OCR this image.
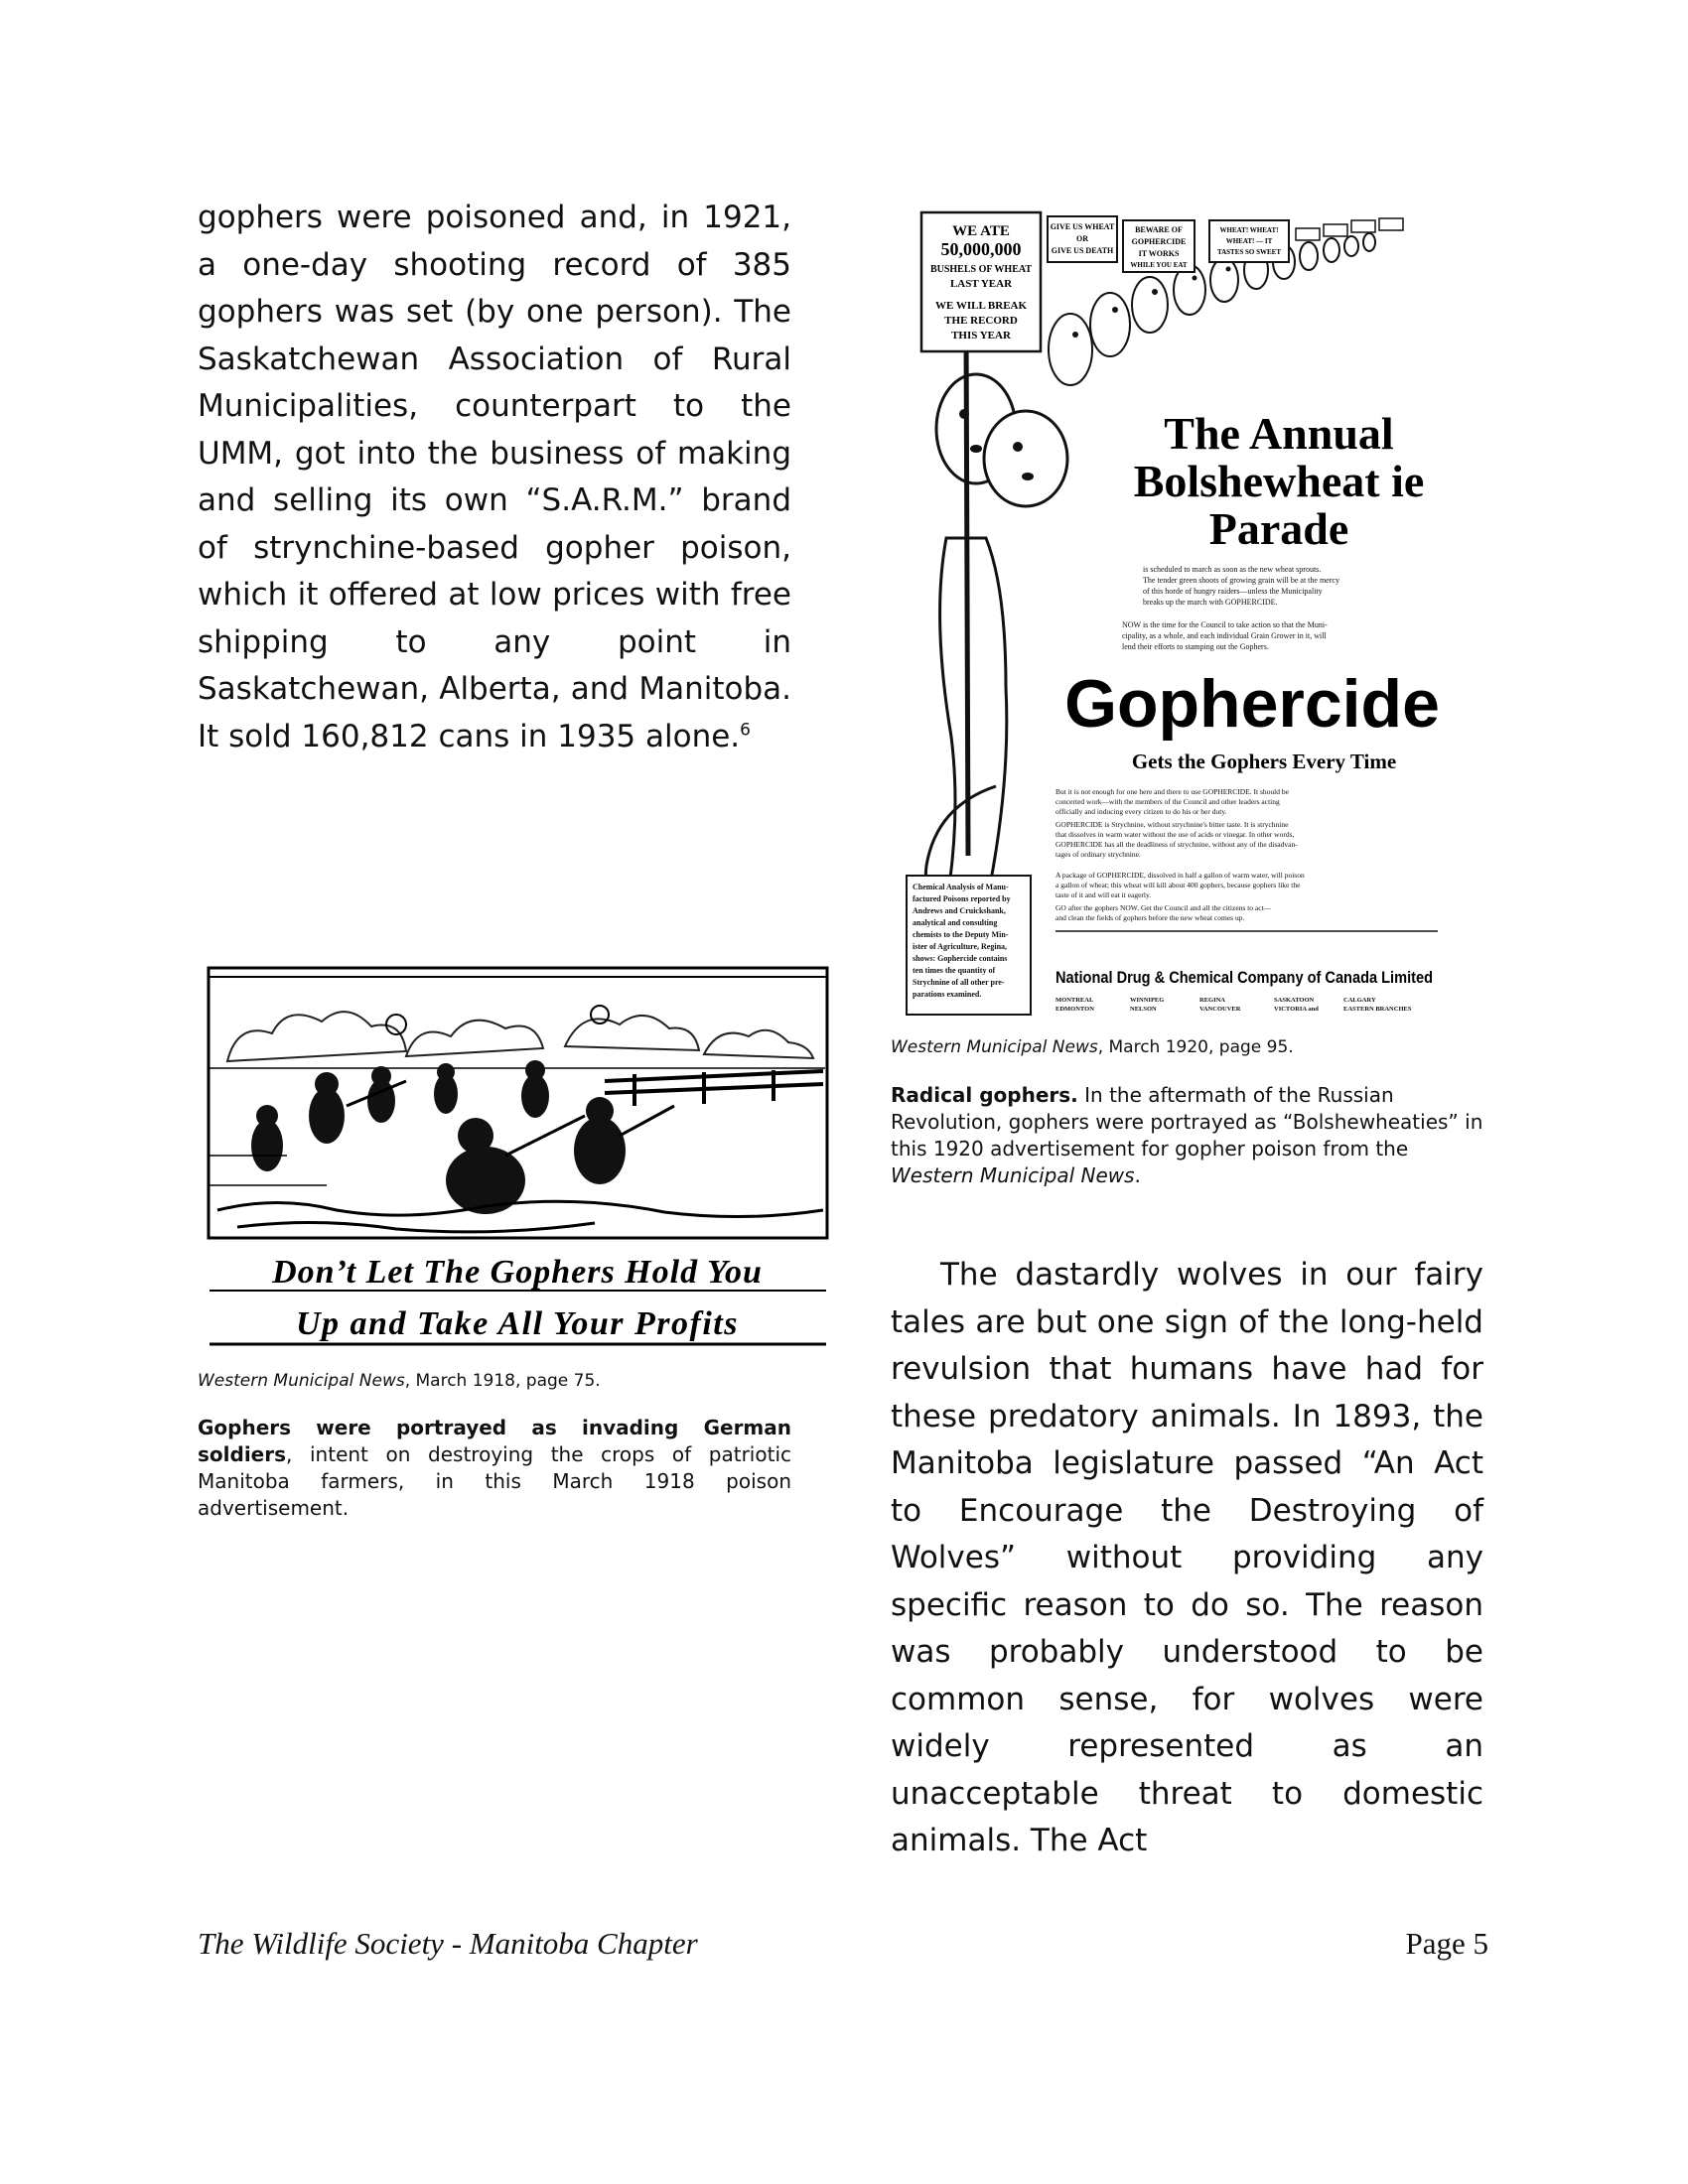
gophers were poisoned and, in 1921, a one-day shooting record of 385 gophers was set (by one person). The Saskatchewan Association of Rural Municipalities, counterpart to the UMM, got into the business of making and selling its own “S.A.R.M.” brand of strynchine-based gopher poison, which it offered at low prices with free shipping to any point in Saskatchewan, Alberta, and Manitoba. It sold 160,812 cans in 1935 alone.$^6$

Don’t Let The Gophers Hold You
Up and Take All Your Profits

Western Municipal News, March 1918, page 75.

Gophers were portrayed as invading German soldiers, intent on destroying the crops of patriotic Manitoba farmers, in this March 1918 poison advertisement.

WE ATE
50,000,000
BUSHELS OF WHEAT
LAST YEAR
WE WILL BREAK
THE RECORD
THIS YEAR
GIVE US WHEAT
OR
GIVE US DEATH
BEWARE OF
GOPHERCIDE
IT WORKS
WHILE YOU EAT
WHEAT! WHEAT!
WHEAT! — IT
TASTES SO SWEET
The Annual
Bolshewheat ie
Parade
is scheduled to march as soon as the new wheat sprouts.
The tender green shoots of growing grain will be at the mercy
of this horde of hungry raiders—unless the Municipality
breaks up the march with GOPHERCIDE.
NOW is the time for the Council to take action so that the Muni-
cipality, as a whole, and each individual Grain Grower in it, will
lend their efforts to stamping out the Gophers.
Gophercide
Gets the Gophers Every Time
But it is not enough for one here and there to use GOPHERCIDE. It should be
concerted work—with the members of the Council and other leaders acting
officially and inducing every citizen to do his or her duty.
GOPHERCIDE is Strychnine, without strychnine's bitter taste. It is strychnine
that dissolves in warm water without the use of acids or vinegar. In other words,
GOPHERCIDE has all the deadliness of strychnine, without any of the disadvan-
tages of ordinary strychnine.
A package of GOPHERCIDE, dissolved in half a gallon of warm water, will poison
a gallon of wheat; this wheat will kill about 400 gophers, because gophers like the
taste of it and will eat it eagerly.
GO after the gophers NOW. Get the Council and all the citizens to act—
and clean the fields of gophers before the new wheat comes up.
Chemical Analysis of Manu-
factured Poisons reported by
Andrews and Cruickshank,
analytical and consulting
chemists to the Deputy Min-
ister of Agriculture, Regina,
shows: Gophercide contains
ten times the quantity of
Strychnine of all other pre-
parations examined.
National Drug & Chemical Company of Canada Limited
MONTREAL
EDMONTON
WINNIPEG
NELSON
REGINA
VANCOUVER
SASKATOON
VICTORIA and
CALGARY
EASTERN BRANCHES

Western Municipal News, March 1920, page 95.

Radical gophers. In the aftermath of the Russian Revolution, gophers were portrayed as “Bolshewheaties” in this 1920 advertisement for gopher poison from the Western Municipal News.

The dastardly wolves in our fairy tales are but one sign of the long-held revulsion that humans have had for these predatory animals. In 1893, the Manitoba legislature passed “An Act to Encourage the Destroying of Wolves” without providing any specific reason to do so. The reason was probably understood to be common sense, for wolves were widely represented as an unacceptable threat to domestic animals. The Act

The Wildlife Society - Manitoba Chapter	Page 5
